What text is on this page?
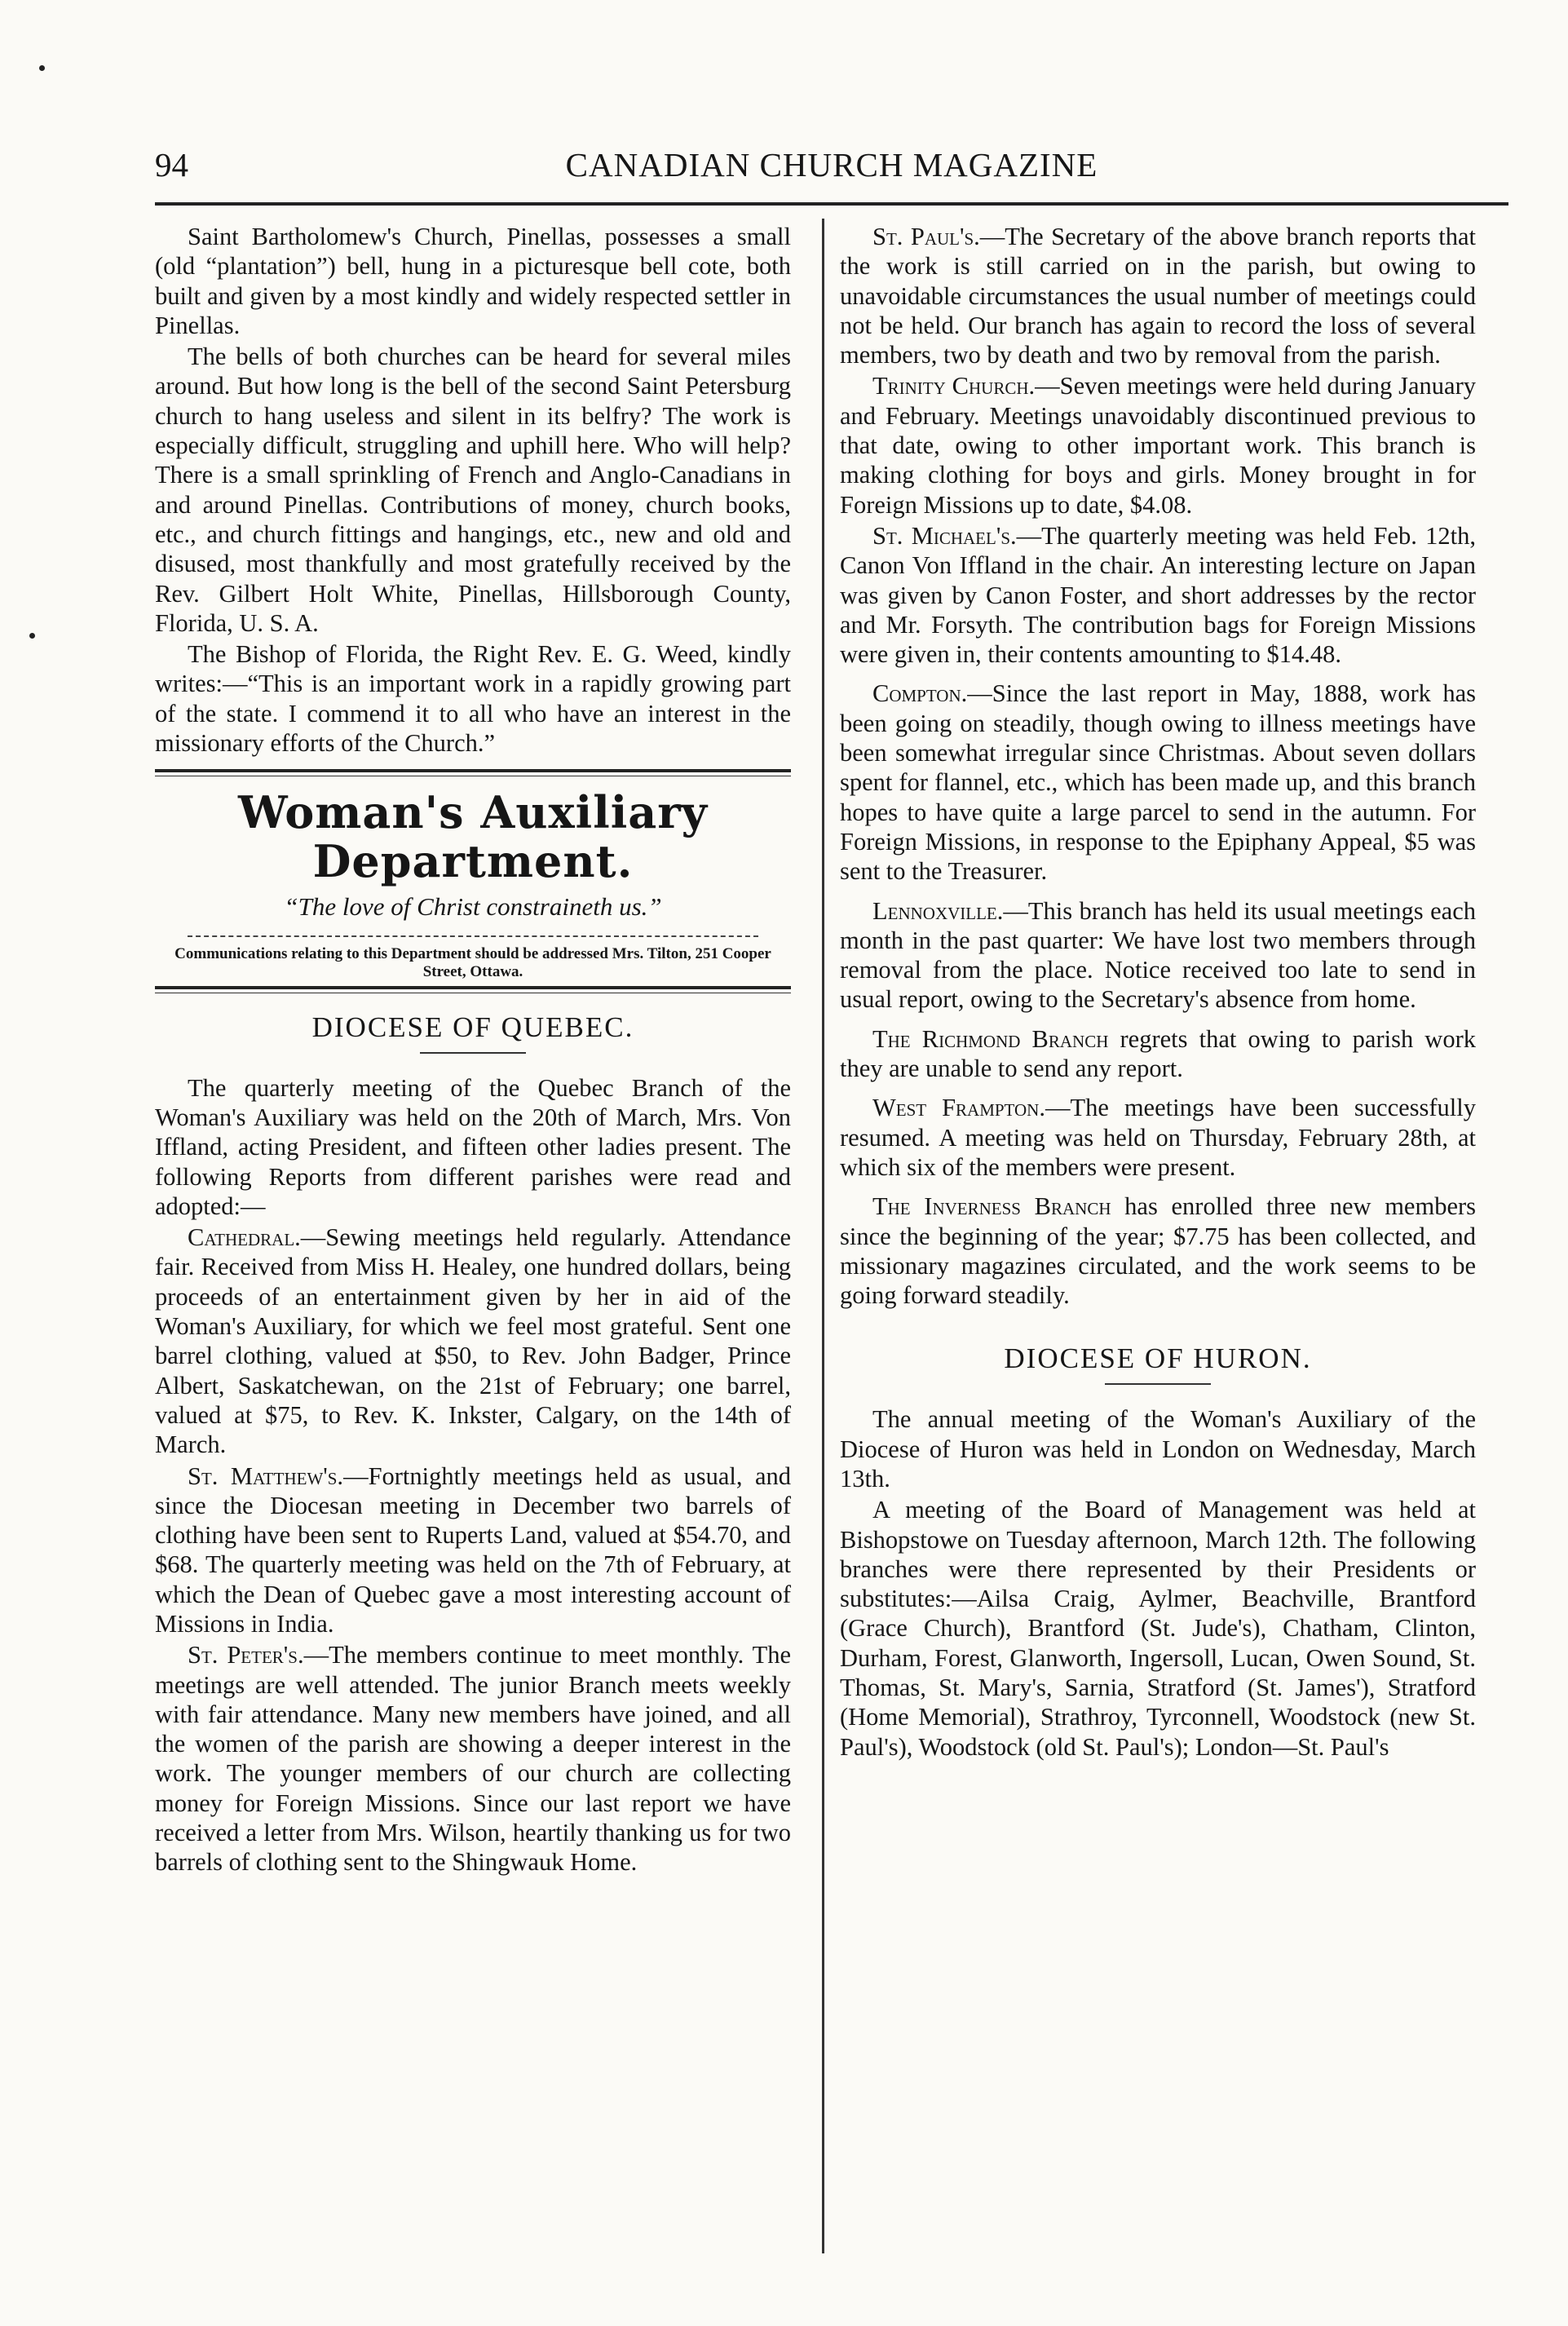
94	CANADIAN CHURCH MAGAZINE

Saint Bartholomew's Church, Pinellas, possesses a small (old “plantation”) bell, hung in a picturesque bell cote, both built and given by a most kindly and widely respected settler in Pinellas.

The bells of both churches can be heard for several miles around. But how long is the bell of the second Saint Petersburg church to hang useless and silent in its belfry? The work is especially difficult, struggling and uphill here. Who will help? There is a small sprinkling of French and Anglo-Canadians in and around Pinellas. Contributions of money, church books, etc., and church fittings and hangings, etc., new and old and disused, most thankfully and most gratefully received by the Rev. Gilbert Holt White, Pinellas, Hillsborough County, Florida, U. S. A.

The Bishop of Florida, the Right Rev. E. G. Weed, kindly writes:—“This is an important work in a rapidly growing part of the state. I commend it to all who have an interest in the missionary efforts of the Church.”

Woman's Auxiliary Department.
“The love of Christ constraineth us.”
Communications relating to this Department should be addressed Mrs. Tilton, 251 Cooper Street, Ottawa.
DIOCESE OF QUEBEC.

The quarterly meeting of the Quebec Branch of the Woman's Auxiliary was held on the 20th of March, Mrs. Von Iffland, acting President, and fifteen other ladies present. The following Reports from different parishes were read and adopted:—

Cathedral.—Sewing meetings held regularly. Attendance fair. Received from Miss H. Healey, one hundred dollars, being proceeds of an entertainment given by her in aid of the Woman's Auxiliary, for which we feel most grateful. Sent one barrel clothing, valued at $50, to Rev. John Badger, Prince Albert, Saskatchewan, on the 21st of February; one barrel, valued at $75, to Rev. K. Inkster, Calgary, on the 14th of March.

St. Matthew's.—Fortnightly meetings held as usual, and since the Diocesan meeting in December two barrels of clothing have been sent to Ruperts Land, valued at $54.70, and $68. The quarterly meeting was held on the 7th of February, at which the Dean of Quebec gave a most interesting account of Missions in India.

St. Peter's.—The members continue to meet monthly. The meetings are well attended. The junior Branch meets weekly with fair attendance. Many new members have joined, and all the women of the parish are showing a deeper interest in the work. The younger members of our church are collecting money for Foreign Missions. Since our last report we have received a letter from Mrs. Wilson, heartily thanking us for two barrels of clothing sent to the Shingwauk Home.

St. Paul's.—The Secretary of the above branch reports that the work is still carried on in the parish, but owing to unavoidable circumstances the usual number of meetings could not be held. Our branch has again to record the loss of several members, two by death and two by removal from the parish.

Trinity Church.—Seven meetings were held during January and February. Meetings unavoidably discontinued previous to that date, owing to other important work. This branch is making clothing for boys and girls. Money brought in for Foreign Missions up to date, $4.08.

St. Michael's.—The quarterly meeting was held Feb. 12th, Canon Von Iffland in the chair. An interesting lecture on Japan was given by Canon Foster, and short addresses by the rector and Mr. Forsyth. The contribution bags for Foreign Missions were given in, their contents amounting to $14.48.

Compton.—Since the last report in May, 1888, work has been going on steadily, though owing to illness meetings have been somewhat irregular since Christmas. About seven dollars spent for flannel, etc., which has been made up, and this branch hopes to have quite a large parcel to send in the autumn. For Foreign Missions, in response to the Epiphany Appeal, $5 was sent to the Treasurer.

Lennoxville.—This branch has held its usual meetings each month in the past quarter: We have lost two members through removal from the place. Notice received too late to send in usual report, owing to the Secretary's absence from home.

The Richmond Branch regrets that owing to parish work they are unable to send any report.

West Frampton.—The meetings have been successfully resumed. A meeting was held on Thursday, February 28th, at which six of the members were present.

The Inverness Branch has enrolled three new members since the beginning of the year; $7.75 has been collected, and missionary magazines circulated, and the work seems to be going forward steadily.

DIOCESE OF HURON.

The annual meeting of the Woman's Auxiliary of the Diocese of Huron was held in London on Wednesday, March 13th.

A meeting of the Board of Management was held at Bishopstowe on Tuesday afternoon, March 12th. The following branches were there represented by their Presidents or substitutes:—Ailsa Craig, Aylmer, Beachville, Brantford (Grace Church), Brantford (St. Jude's), Chatham, Clinton, Durham, Forest, Glanworth, Ingersoll, Lucan, Owen Sound, St. Thomas, St. Mary's, Sarnia, Stratford (St. James'), Stratford (Home Memorial), Strathroy, Tyrconnell, Woodstock (new St. Paul's), Woodstock (old St. Paul's); London—St. Paul's
